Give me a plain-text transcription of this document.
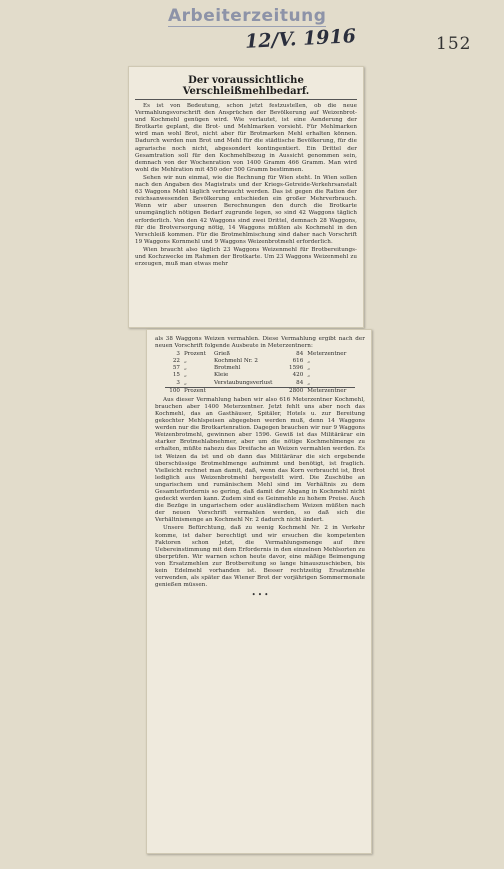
Arbeiterzeitung
12/V. 1916	152
Der voraussichtliche Verschleißmehlbedarf.

Es ist von Bedeutung, schon jetzt festzustellen, ob die neue Vermahlungsvorschrift den Ansprüchen der Bevölkerung auf Weizenbrot- und Kochmehl genügen wird. Wie verlautet, ist eine Aenderung der Brotkarte geplant, die Brot- und Mehlmarken vorsieht. Für Mehlmarken wird man wohl Brot, nicht aber für Brotmarken Mehl erhalten können. Dadurch werden nun Brot und Mehl für die städtische Bevölkerung, für die agrarische noch nicht, abgesondert kontingentiert. Ein Drittel der Gesamtration soll für den Kochmehlbezug in Aussicht genommen sein, demnach von der Wochenration von 1400 Gramm 466 Gramm. Man wird wohl die Mehlration mit 450 oder 500 Gramm bestimmen.

Sehen wir nun einmal, wie die Rechnung für Wien steht. In Wien sollen nach den Angaben des Magistrats und der Kriegs-Getreide-Verkehrsanstalt 63 Waggons Mehl täglich verbraucht werden. Das ist gegen die Ration der reichsanwesenden Bevölkerung entschieden ein großer Mehrverbrauch. Wenn wir aber unseren Berechnungen den durch die Brotkarte unumgänglich nötigen Bedarf zugrunde legen, so sind 42 Waggons täglich erforderlich. Von den 42 Waggons sind zwei Drittel, demnach 28 Waggons, für die Brotversorgung nötig, 14 Waggons müßten als Kochmehl in den Verschleiß kommen. Für die Brotmehlmischung sind daher nach Vorschrift 19 Waggons Kornmehl und 9 Waggons Weizenbrotmehl erforderlich.

Wien braucht also täglich 23 Waggons Weizenmehl für Brotbereitungs- und Kochzwecke im Rahmen der Brotkarte. Um 23 Waggons Weizenmehl zu erzeugen, muß man etwas mehr

als 38 Waggons Weizen vermahlen. Diese Vermahlung ergibt nach der neuen Vorschrift folgende Ausbeute in Meterzentnern:

3	Prozent	Grieß	84	Meterzentner
22	„	Kochmehl Nr. 2	616	„
57	„	Brotmehl	1596	„
15	„	Kleie	420	„
3	„	Verstaubungsverlust	84	„
100	Prozent		2800	Meterzentner

Aus dieser Vermahlung haben wir also 616 Meterzentner Kochmehl, brauchen aber 1400 Meterzentner. Jetzt fehlt uns aber noch das Kochmehl, das an Gasthäuser, Spitäler, Hotels u. zur Bereitung gekochter Mehlspeisen abgegeben werden muß, denn 14 Waggons werden nur die Brotkartenration. Dagegen brauchen wir nur 9 Waggons Weizenbrotmehl, gewinnen aber 1596. Gewiß ist das Militärärar ein starker Brotmehlabnehmer, aber um die nötige Kochmehlmenge zu erhalten, müßte nahezu das Dreifache an Weizen vermahlen werden. Es ist Weizen da ist und ob dann das Militärärar die sich ergebende überschüssige Brotmehlmenge aufnimmt und benötigt, ist fraglich. Vielleicht rechnet man damit, daß, wenn das Korn verbraucht ist, Brot lediglich aus Weizenbrotmehl hergestellt wird. Die Zuschübe an ungarischem und rumänischem Mehl sind im Verhältnis zu dem Gesamterfordernis so gering, daß damit der Abgang in Kochmehl nicht gedeckt werden kann. Zudem sind es Geinmehle zu hohem Preise. Auch die Bezüge in ungarischem oder ausländischem Weizen müßten nach der neuen Vorschrift vermahlen werden, so daß sich die Verhältnismenge an Kochmehl Nr. 2 dadurch nicht ändert.

Unsere Befürchtung, daß zu wenig Kochmehl Nr. 2 in Verkehr komme, ist daher berechtigt und wir ersuchen die kompetenten Faktoren schon jetzt, die Vermahlungsmenge auf ihre Uebereinstimmung mit dem Erfordernis in den einzelnen Mehlsorten zu überprüfen. Wir warnen schon heute davor, eine mäßige Beimengung von Ersatzmehlen zur Brotbereitung so lange hinauszuschieben, bis kein Edelmehl vorhanden ist. Besser rechtzeitig Ersatzmehle verwenden, als später das Wiener Brot der vorjährigen Sommermonate genießen müssen.

• • •
